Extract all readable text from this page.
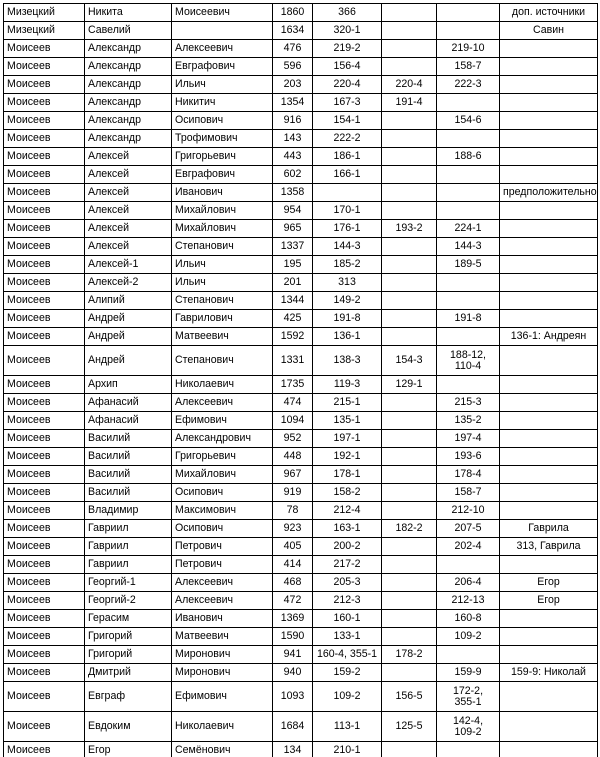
Мизецкий	Никита	Моисеевич	1860	366			доп. источники
Мизецкий	Савелий		1634	320-1			Савин
Моисеев	Александр	Алексеевич	476	219-2		219-10	
Моисеев	Александр	Евграфович	596	156-4		158-7	
Моисеев	Александр	Ильич	203	220-4	220-4	222-3	
Моисеев	Александр	Никитич	1354	167-3	191-4		
Моисеев	Александр	Осипович	916	154-1		154-6	
Моисеев	Александр	Трофимович	143	222-2			
Моисеев	Алексей	Григорьевич	443	186-1		188-6	
Моисеев	Алексей	Евграфович	602	166-1			
Моисеев	Алексей	Иванович	1358				предположительно
Моисеев	Алексей	Михайлович	954	170-1			
Моисеев	Алексей	Михайлович	965	176-1	193-2	224-1	
Моисеев	Алексей	Степанович	1337	144-3		144-3	
Моисеев	Алексей-1	Ильич	195	185-2		189-5	
Моисеев	Алексей-2	Ильич	201	313			
Моисеев	Алипий	Степанович	1344	149-2			
Моисеев	Андрей	Гаврилович	425	191-8		191-8	
Моисеев	Андрей	Матвеевич	1592	136-1			136-1: Андреян
Моисеев	Андрей	Степанович	1331	138-3	154-3	188-12,
110-4	
Моисеев	Архип	Николаевич	1735	119-3	129-1		
Моисеев	Афанасий	Алексеевич	474	215-1		215-3	
Моисеев	Афанасий	Ефимович	1094	135-1		135-2	
Моисеев	Василий	Александрович	952	197-1		197-4	
Моисеев	Василий	Григорьевич	448	192-1		193-6	
Моисеев	Василий	Михайлович	967	178-1		178-4	
Моисеев	Василий	Осипович	919	158-2		158-7	
Моисеев	Владимир	Максимович	78	212-4		212-10	
Моисеев	Гавриил	Осипович	923	163-1	182-2	207-5	Гаврила
Моисеев	Гавриил	Петрович	405	200-2		202-4	313, Гаврила
Моисеев	Гавриил	Петрович	414	217-2			
Моисеев	Георгий-1	Алексеевич	468	205-3		206-4	Егор
Моисеев	Георгий-2	Алексеевич	472	212-3		212-13	Егор
Моисеев	Герасим	Иванович	1369	160-1		160-8	
Моисеев	Григорий	Матвеевич	1590	133-1		109-2	
Моисеев	Григорий	Миронович	941	160-4, 355-1	178-2		
Моисеев	Дмитрий	Миронович	940	159-2		159-9	159-9: Николай
Моисеев	Евграф	Ефимович	1093	109-2	156-5	172-2,
355-1	
Моисеев	Евдоким	Николаевич	1684	113-1	125-5	142-4,
109-2	
Моисеев	Егор	Семёнович	134	210-1			
